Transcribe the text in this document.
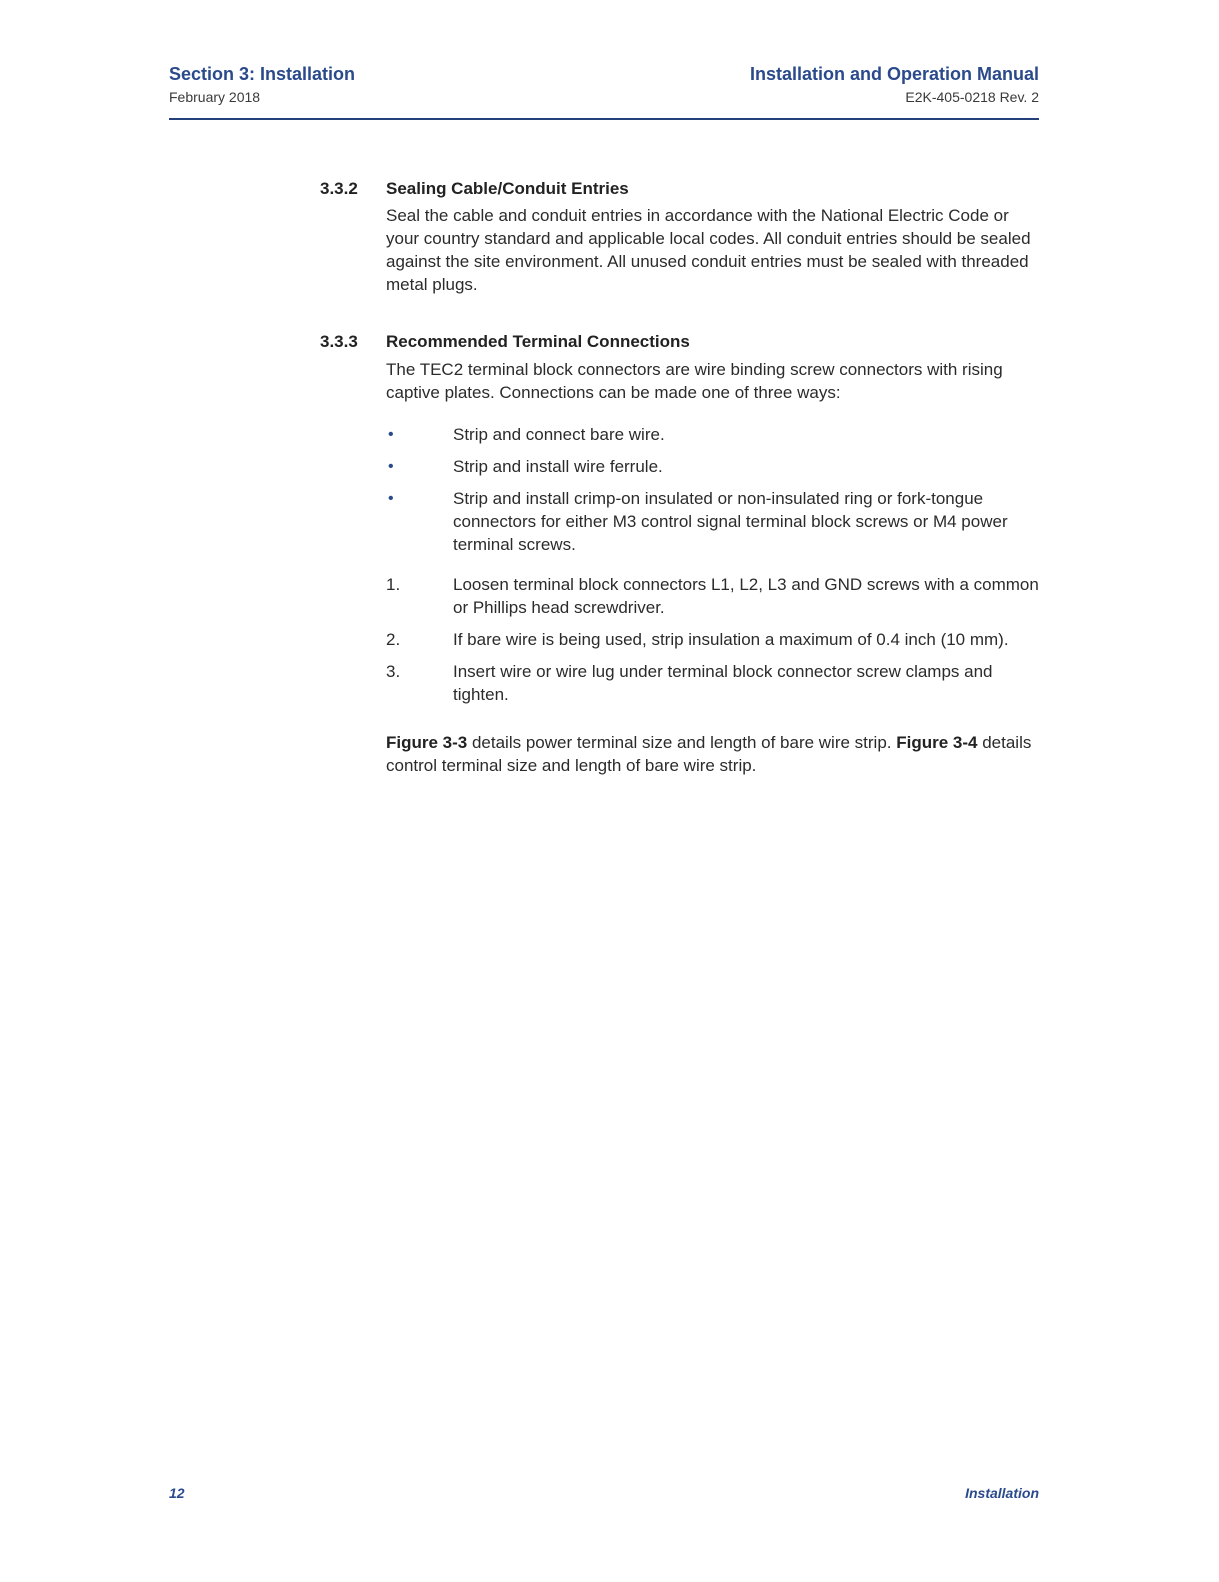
Section 3: Installation
February 2018
Installation and Operation Manual
E2K-405-0218 Rev. 2
3.3.2 Sealing Cable/Conduit Entries
Seal the cable and conduit entries in accordance with the National Electric Code or your country standard and applicable local codes. All conduit entries should be sealed against the site environment. All unused conduit entries must be sealed with threaded metal plugs.
3.3.3 Recommended Terminal Connections
The TEC2 terminal block connectors are wire binding screw connectors with rising captive plates. Connections can be made one of three ways:
•	Strip and connect bare wire.
•	Strip and install wire ferrule.
•	Strip and install crimp-on insulated or non-insulated ring or fork-tongue connectors for either M3 control signal terminal block screws or M4 power terminal screws.
1.	Loosen terminal block connectors L1, L2, L3 and GND screws with a common or Phillips head screwdriver.
2.	If bare wire is being used, strip insulation a maximum of 0.4 inch (10 mm).
3.	Insert wire or wire lug under terminal block connector screw clamps and tighten.
Figure 3-3 details power terminal size and length of bare wire strip. Figure 3-4 details control terminal size and length of bare wire strip.
12	Installation
